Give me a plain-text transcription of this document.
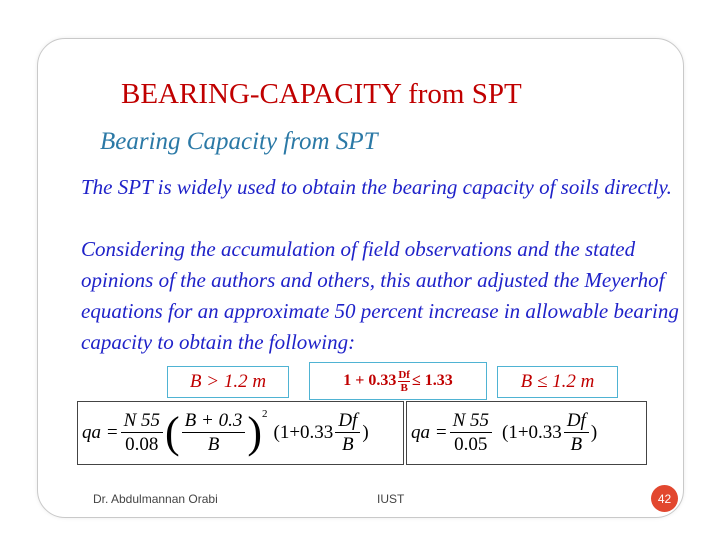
BEARING-CAPACITY from SPT
Bearing Capacity from SPT
The SPT is widely used to obtain the bearing capacity of soils directly.
Considering the accumulation of field observations and the stated opinions of the authors and others, this author adjusted the Meyerhof equations for an approximate 50 percent increase in allowable bearing capacity to obtain the following:
B > 1.2 m	$1 + 0.33 \frac{Df}{B} \le 1.33$	B ≤ 1.2 m
qa = $\frac{N 55}{0.08}$ ( $\frac{B + 0.3}{B} )^2$
($1+0.33 \frac{Df}{B}$ ) qa = $\frac{N 55}{0.05} (1+0.33 \frac{Df}{B}$ )
Dr. Abdulmannan Orabi	IUST	42
